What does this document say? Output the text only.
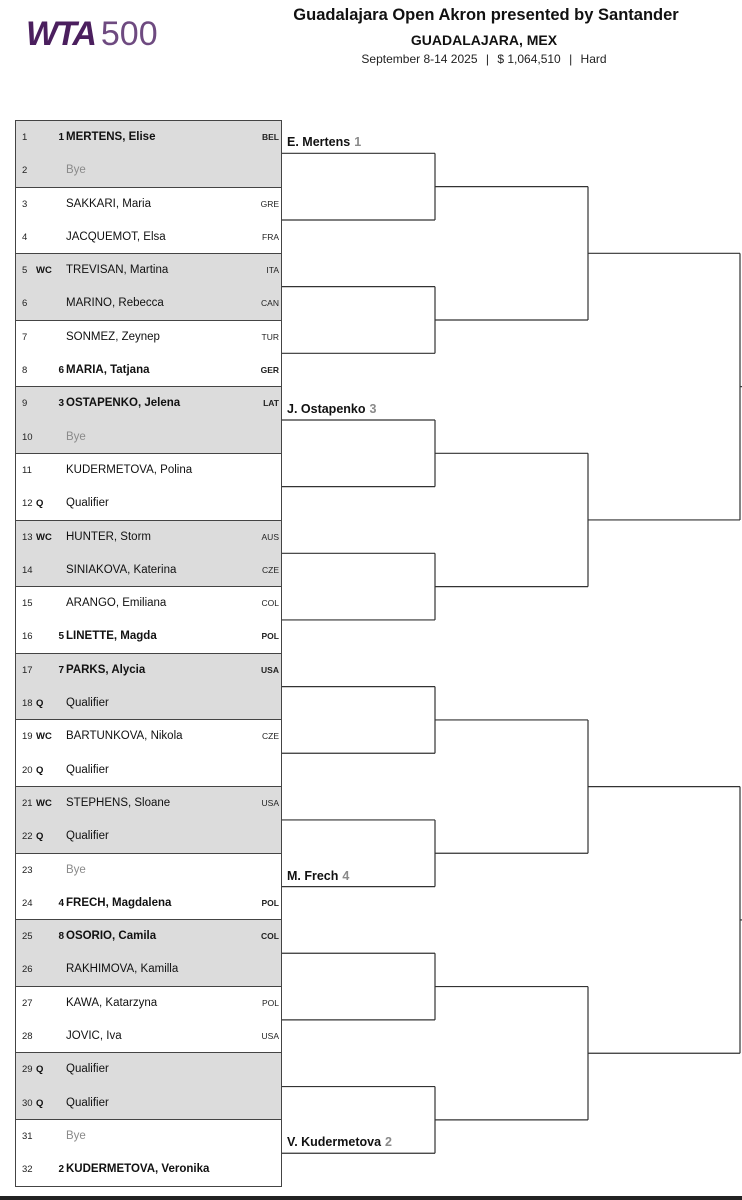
WTA 500	Guadalajara Open Akron presented by Santander
GUADALAJARA, MEX
September 8-14 2025 | $ 1,064,510 | Hard
1	1 MERTENS, Elise	BEL
2	Bye
3	SAKKARI, Maria	GRE
4	JACQUEMOT, Elsa	FRA
5 WC	TREVISAN, Martina	ITA
6	MARINO, Rebecca	CAN
7	SONMEZ, Zeynep	TUR
8	6 MARIA, Tatjana	GER
9	3 OSTAPENKO, Jelena	LAT
10	Bye
11	KUDERMETOVA, Polina
12 Q	Qualifier
13 WC	HUNTER, Storm	AUS
14	SINIAKOVA, Katerina	CZE
15	ARANGO, Emiliana	COL
16	5 LINETTE, Magda	POL
17	7 PARKS, Alycia	USA
18 Q	Qualifier
19 WC	BARTUNKOVA, Nikola	CZE
20 Q	Qualifier
21 WC	STEPHENS, Sloane	USA
22 Q	Qualifier
23	Bye
24	4 FRECH, Magdalena	POL
25	8 OSORIO, Camila	COL
26	RAKHIMOVA, Kamilla
27	KAWA, Katarzyna	POL
28	JOVIC, Iva	USA
29 Q	Qualifier
30 Q	Qualifier
31	Bye
32	2 KUDERMETOVA, Veronika
E. Mertens 1
J. Ostapenko 3
M. Frech 4
V. Kudermetova 2
